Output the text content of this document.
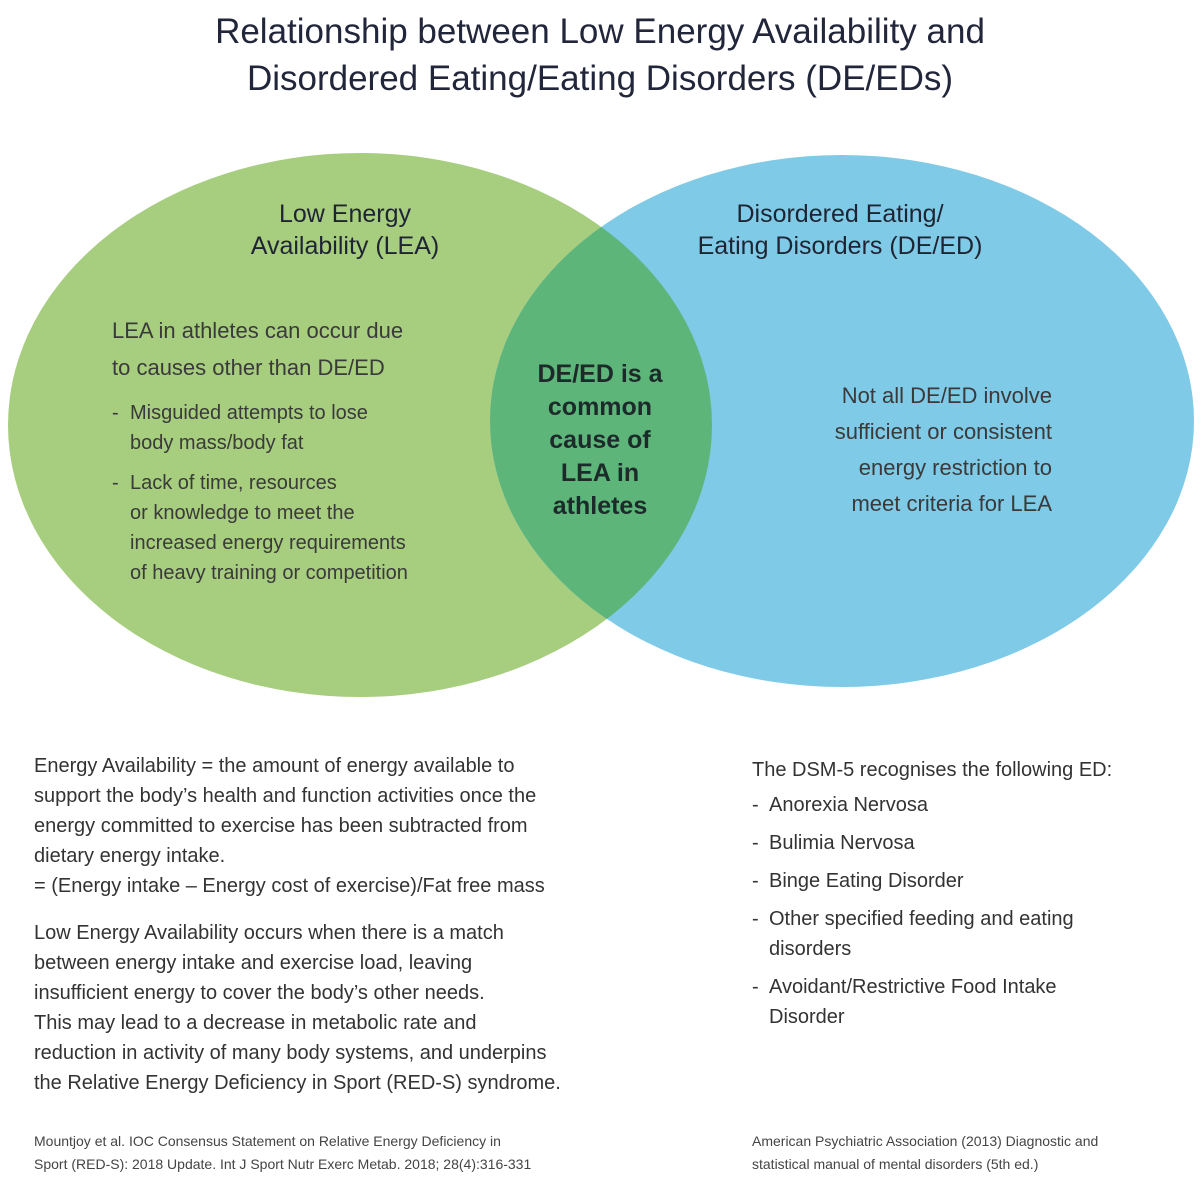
Relationship between Low Energy Availability and
Disordered Eating/Eating Disorders (DE/EDs)
Low Energy
Availability (LEA)
Disordered Eating/
Eating Disorders (DE/ED)
LEA in athletes can occur due
to causes other than DE/ED
- Misguided attempts to lose
body mass/body fat
- Lack of time, resources
or knowledge to meet the
increased energy requirements
of heavy training or competition
DE/ED is a
common
cause of
LEA in
athletes
Not all DE/ED involve
sufficient or consistent
energy restriction to
meet criteria for LEA
Energy Availability = the amount of energy available to
support the body’s health and function activities once the
energy committed to exercise has been subtracted from
dietary energy intake.
= (Energy intake – Energy cost of exercise)/Fat free mass
Low Energy Availability occurs when there is a match
between energy intake and exercise load, leaving
insufficient energy to cover the body’s other needs.
This may lead to a decrease in metabolic rate and
reduction in activity of many body systems, and underpins
the Relative Energy Deficiency in Sport (RED-S) syndrome.
The DSM-5 recognises the following ED:
- Anorexia Nervosa
- Bulimia Nervosa
- Binge Eating Disorder
- Other specified feeding and eating
disorders
- Avoidant/Restrictive Food Intake
Disorder
Mountjoy et al. IOC Consensus Statement on Relative Energy Deficiency in
Sport (RED-S): 2018 Update. Int J Sport Nutr Exerc Metab. 2018; 28(4):316-331
American Psychiatric Association (2013) Diagnostic and
statistical manual of mental disorders (5th ed.)
